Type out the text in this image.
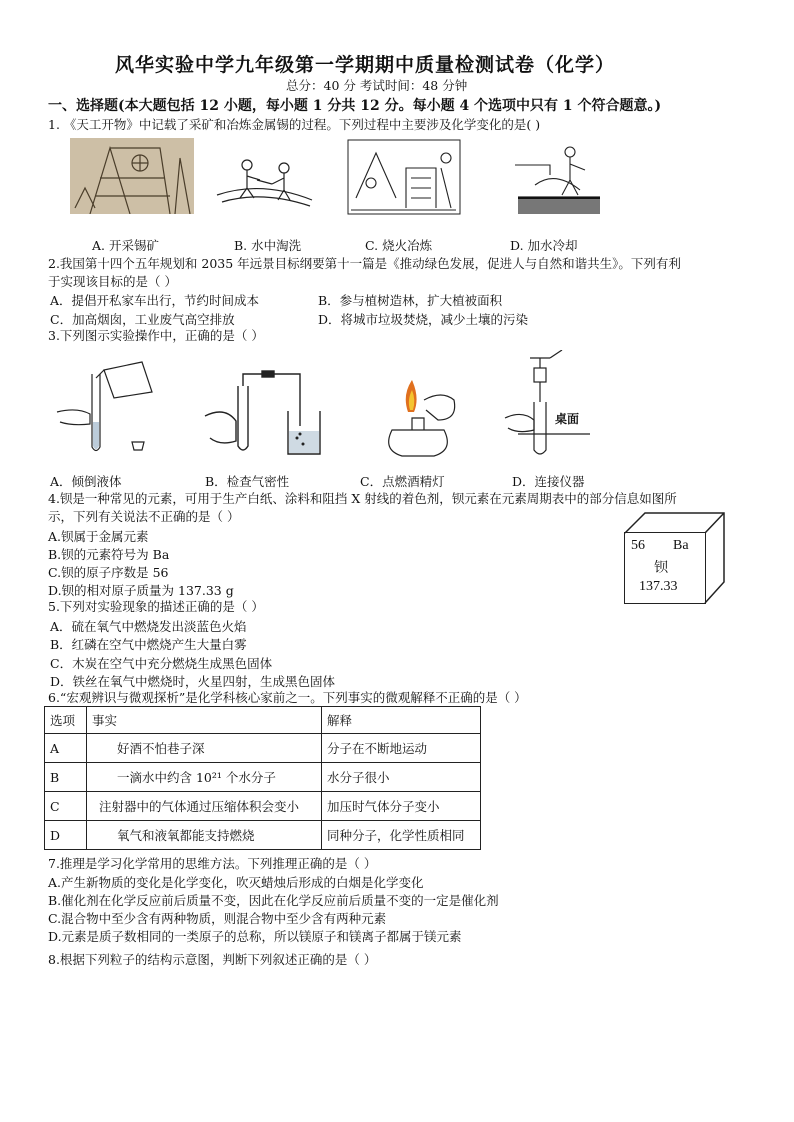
风华实验中学九年级第一学期期中质量检测试卷（化学）
总分：40 分 考试时间：48 分钟
一、选择题(本大题包括 12 小题，每小题 1 分共 12 分。每小题 4 个选项中只有 1 个符合题意。)
1. 《天工开物》中记载了采矿和冶炼金属锡的过程。下列过程中主要涉及化学变化的是( )
A. 开采锡矿	B. 水中淘洗	C. 烧火冶炼	D. 加水冷却
2.我国第十四个五年规划和 2035 年远景目标纲要第十一篇是《推动绿色发展，促进人与自然和谐共生》。下列有利
于实现该目标的是（ ）
A．提倡开私家车出行，节约时间成本	B．参与植树造林，扩大植被面积
C．加高烟囱，工业废气高空排放	D．将城市垃圾焚烧，减少土壤的污染
3.下列图示实验操作中，正确的是（ ）
桌面
A．倾倒液体	B．检查气密性	C．点燃酒精灯	D．连接仪器
4.钡是一种常见的元素，可用于生产白纸、涂料和阻挡 X 射线的着色剂，钡元素在元素周期表中的部分信息如图所
示，下列有关说法不正确的是（ ）
A.钡属于金属元素
B.钡的元素符号为 Ba
C.钡的原子序数是 56
D.钡的相对原子质量为 137.33 g
56 Ba
钡
137.33
5.下列对实验现象的描述正确的是（ ）
A．硫在氧气中燃烧发出淡蓝色火焰
B．红磷在空气中燃烧产生大量白雾
C．木炭在空气中充分燃烧生成黑色固体
D．铁丝在氧气中燃烧时，火星四射，生成黑色固体
6.“宏观辨识与微观探析”是化学科核心家前之一。下列事实的微观解释不正确的是（ ）
选项	事实	解释
A	好酒不怕巷子深	分子在不断地运动
B	一滴水中约含 10²¹ 个水分子	水分子很小
C	注射器中的气体通过压缩体积会变小	加压时气体分子变小
D	氧气和液氧都能支持燃烧	同种分子，化学性质相同
7.推理是学习化学常用的思维方法。下列推理正确的是（ ）
A.产生新物质的变化是化学变化，吹灭蜡烛后形成的白烟是化学变化
B.催化剂在化学反应前后质量不变，因此在化学反应前后质量不变的一定是催化剂
C.混合物中至少含有两种物质，则混合物中至少含有两种元素
D.元素是质子数相同的一类原子的总称，所以镁原子和镁离子都属于镁元素
8.根据下列粒子的结构示意图，判断下列叙述正确的是（ ）
